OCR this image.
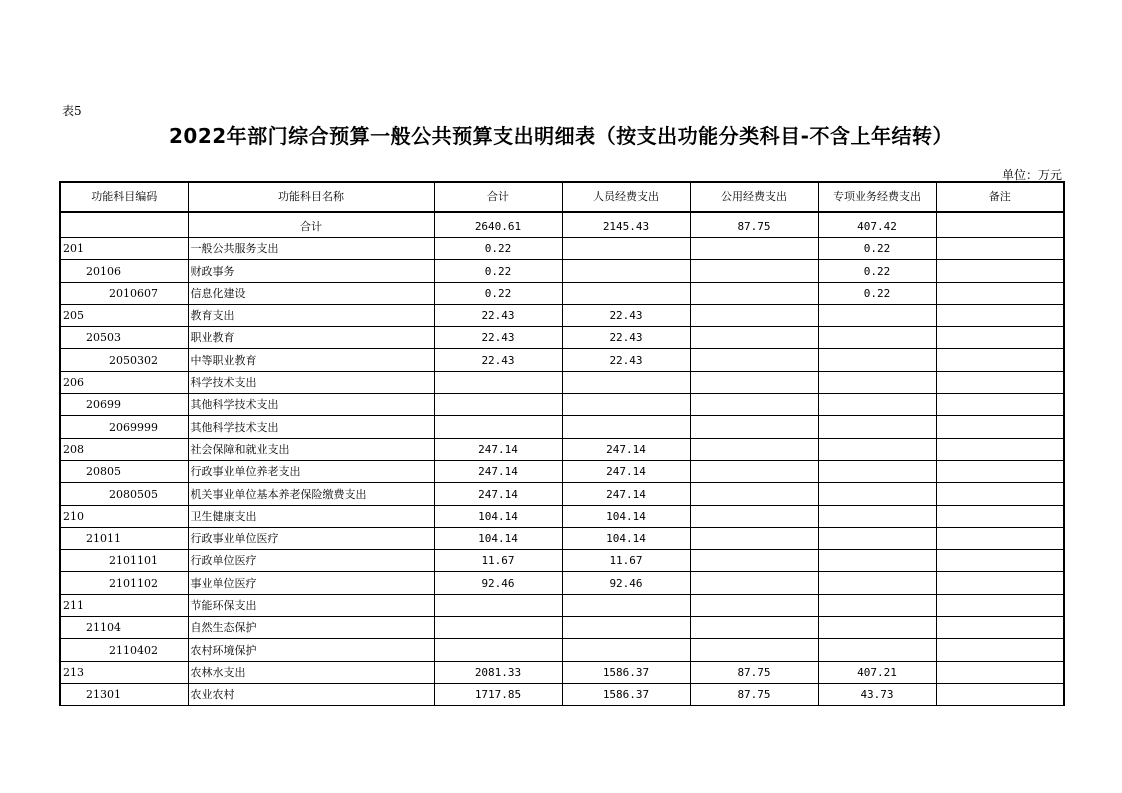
表5
2022年部门综合预算一般公共预算支出明细表（按支出功能分类科目-不含上年结转）
单位：万元
功能科目编码	功能科目名称	合计	人员经费支出	公用经费支出	专项业务经费支出	备注
	合计	2640.61	2145.43	87.75	407.42	
201	一般公共服务支出	0.22			0.22	
20106	财政事务	0.22			0.22	
2010607	信息化建设	0.22			0.22	
205	教育支出	22.43	22.43			
20503	职业教育	22.43	22.43			
2050302	中等职业教育	22.43	22.43			
206	科学技术支出					
20699	其他科学技术支出					
2069999	其他科学技术支出					
208	社会保障和就业支出	247.14	247.14			
20805	行政事业单位养老支出	247.14	247.14			
2080505	机关事业单位基本养老保险缴费支出	247.14	247.14			
210	卫生健康支出	104.14	104.14			
21011	行政事业单位医疗	104.14	104.14			
2101101	行政单位医疗	11.67	11.67			
2101102	事业单位医疗	92.46	92.46			
211	节能环保支出					
21104	自然生态保护					
2110402	农村环境保护					
213	农林水支出	2081.33	1586.37	87.75	407.21	
21301	农业农村	1717.85	1586.37	87.75	43.73	
